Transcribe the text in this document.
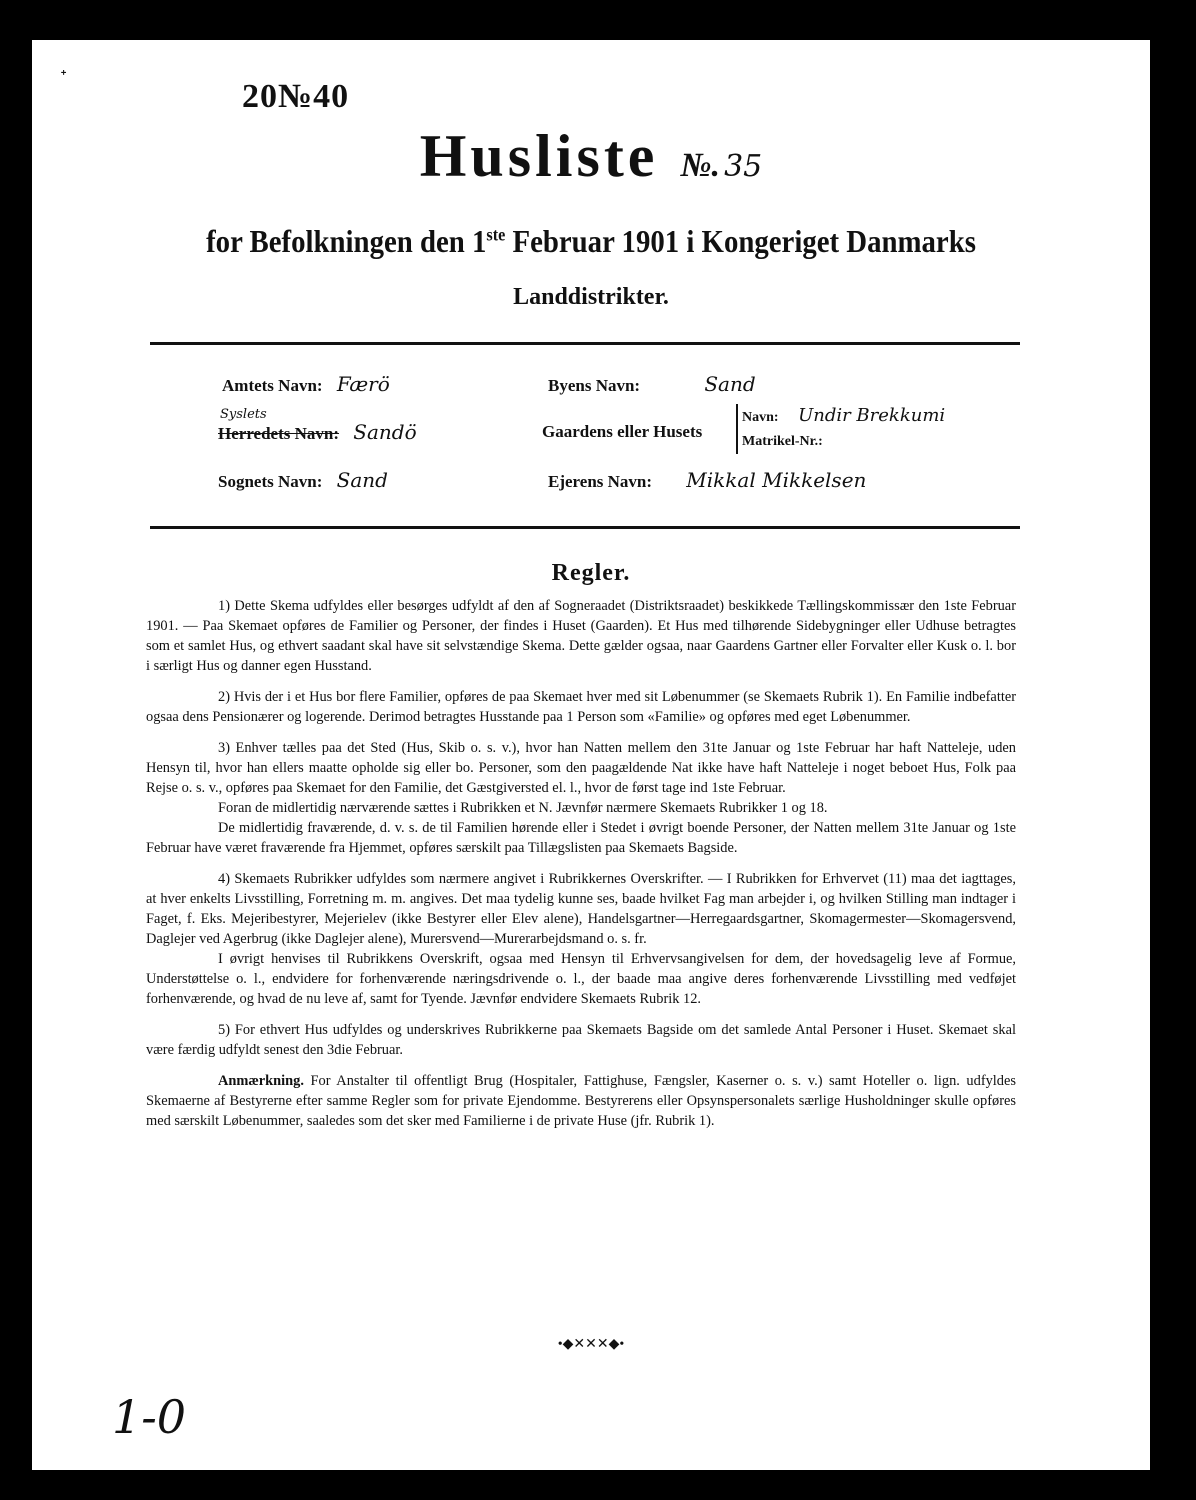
ᐩ
20№40
Husliste №. 35
for Befolkningen den 1ste Februar 1901 i Kongeriget Danmarks
Landdistrikter.
Amtets Navn: Færö
Syslets
Herredets Navn: Sandö
Sognets Navn: Sand
Byens Navn:	Sand
Gaardens eller Husets
Navn: Undir Brekkumi
Matrikel-Nr.:
Ejerens Navn: Mikkal Mikkelsen
Regler.

1) Dette Skema udfyldes eller besørges udfyldt af den af Sogneraadet (Distriktsraadet) beskikkede Tællingskommissær den 1ste Februar 1901. — Paa Skemaet opføres de Familier og Personer, der findes i Huset (Gaarden). Et Hus med tilhørende Sidebygninger eller Udhuse betragtes som et samlet Hus, og ethvert saadant skal have sit selvstændige Skema. Dette gælder ogsaa, naar Gaardens Gartner eller Forvalter eller Kusk o. l. bor i særligt Hus og danner egen Husstand.

2) Hvis der i et Hus bor flere Familier, opføres de paa Skemaet hver med sit Løbenummer (se Skemaets Rubrik 1). En Familie indbefatter ogsaa dens Pensionærer og logerende. Derimod betragtes Husstande paa 1 Person som «Familie» og opføres med eget Løbenummer.

3) Enhver tælles paa det Sted (Hus, Skib o. s. v.), hvor han Natten mellem den 31te Januar og 1ste Februar har haft Natteleje, uden Hensyn til, hvor han ellers maatte opholde sig eller bo. Personer, som den paagældende Nat ikke have haft Natteleje i noget beboet Hus, Folk paa Rejse o. s. v., opføres paa Skemaet for den Familie, det Gæstgiversted el. l., hvor de først tage ind 1ste Februar.

Foran de midlertidig nærværende sættes i Rubrikken et N. Jævnfør nærmere Skemaets Rubrikker 1 og 18.

De midlertidig fraværende, d. v. s. de til Familien hørende eller i Stedet i øvrigt boende Personer, der Natten mellem 31te Januar og 1ste Februar have været fraværende fra Hjemmet, opføres særskilt paa Tillægslisten paa Skemaets Bagside.

4) Skemaets Rubrikker udfyldes som nærmere angivet i Rubrikkernes Overskrifter. — I Rubrikken for Erhvervet (11) maa det iagttages, at hver enkelts Livsstilling, Forretning m. m. angives. Det maa tydelig kunne ses, baade hvilket Fag man arbejder i, og hvilken Stilling man indtager i Faget, f. Eks. Mejeribestyrer, Mejerielev (ikke Bestyrer eller Elev alene), Handelsgartner—Herregaardsgartner, Skomagermester—Skomagersvend, Daglejer ved Agerbrug (ikke Daglejer alene), Murersvend—Murerarbejdsmand o. s. fr.

I øvrigt henvises til Rubrikkens Overskrift, ogsaa med Hensyn til Erhvervsangivelsen for dem, der hovedsagelig leve af Formue, Understøttelse o. l., endvidere for forhenværende næringsdrivende o. l., der baade maa angive deres forhenværende Livsstilling med vedføjet forhenværende, og hvad de nu leve af, samt for Tyende. Jævnfør endvidere Skemaets Rubrik 12.

5) For ethvert Hus udfyldes og underskrives Rubrikkerne paa Skemaets Bagside om det samlede Antal Personer i Huset. Skemaet skal være færdig udfyldt senest den 3die Februar.

Anmærkning. For Anstalter til offentligt Brug (Hospitaler, Fattighuse, Fængsler, Kaserner o. s. v.) samt Hoteller o. lign. udfyldes Skemaerne af Bestyrerne efter samme Regler som for private Ejendomme. Bestyrerens eller Opsynspersonalets særlige Husholdninger skulle opføres med særskilt Løbenummer, saaledes som det sker med Familierne i de private Huse (jfr. Rubrik 1).

•◆✕✕✕◆•
1-0
